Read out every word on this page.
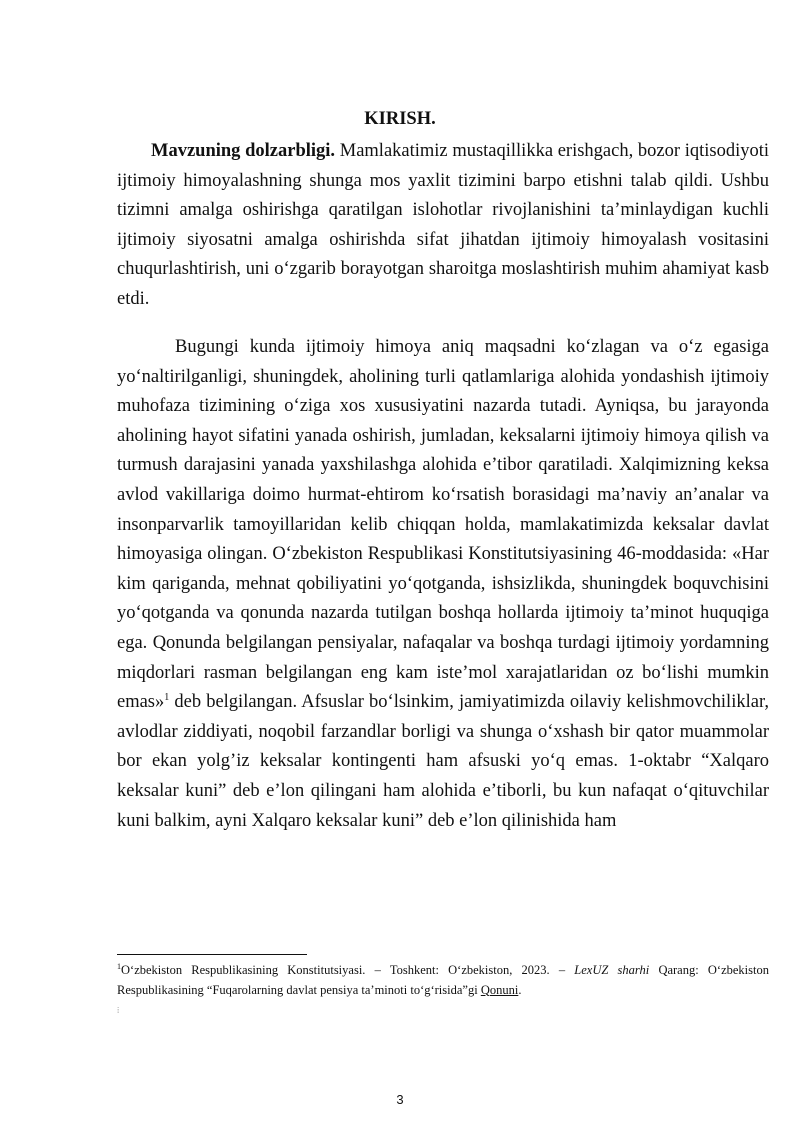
KIRISH.

Mavzuning dolzarbligi. Mamlakatimiz mustaqillikka erishgach, bozor iqtisodiyoti ijtimoiy himoyalashning shunga mos yaxlit tizimini barpo etishni talab qildi. Ushbu tizimni amalga oshirishga qaratilgan islohotlar rivojlanishini ta’minlaydigan kuchli ijtimoiy siyosatni amalga oshirishda sifat jihatdan ijtimoiy himoyalash vositasini chuqurlashtirish, uni o‘zgarib borayotgan sharoitga moslashtirish muhim ahamiyat kasb etdi.

Bugungi kunda ijtimoiy himoya aniq maqsadni ko‘zlagan va o‘z egasiga yo‘naltirilganligi, shuningdek, aholining turli qatlamlariga alohida yondashish ijtimoiy muhofaza tizimining o‘ziga xos xususiyatini nazarda tutadi. Ayniqsa, bu jarayonda aholining hayot sifatini yanada oshirish, jumladan, keksalarni ijtimoiy himoya qilish va turmush darajasini yanada yaxshilashga alohida e’tibor qaratiladi. Xalqimizning keksa avlod vakillariga doimo hurmat-ehtirom ko‘rsatish borasidagi ma’naviy an’analar va insonparvarlik tamoyillaridan kelib chiqqan holda, mamlakatimizda keksalar davlat himoyasiga olingan. O‘zbekiston Respublikasi Konstitutsiyasining 46-moddasida: «Har kim qariganda, mehnat qobiliyatini yo‘qotganda, ishsizlikda, shuningdek boquvchisini yo‘qotganda va qonunda nazarda tutilgan boshqa hollarda ijtimoiy ta’minot huquqiga ega. Qonunda belgilangan pensiyalar, nafaqalar va boshqa turdagi ijtimoiy yordamning miqdorlari rasman belgilangan eng kam iste’mol xarajatlaridan oz bo‘lishi mumkin emas»$^1$ deb belgilangan. Afsuslar bo‘lsinkim, jamiyatimizda oilaviy kelishmovchiliklar, avlodlar ziddiyati, noqobil farzandlar borligi va shunga o‘xshash bir qator muammolar bor ekan yolg’iz keksalar kontingenti ham afsuski yo‘q emas. 1-oktabr “Xalqaro keksalar kuni” deb e’lon qilingani ham alohida e’tiborli, bu kun nafaqat o‘qituvchilar kuni balkim, ayni Xalqaro keksalar kuni” deb e’lon qilinishida ham

$^1$O‘zbekiston Respublikasining Konstitutsiyasi. – Toshkent: O‘zbekiston, 2023. – LexUZ sharhi Qarang: O‘zbekiston Respublikasining “Fuqarolarning davlat pensiya ta’minoti to‘g‘risida”gi Qonuni.

⁞

3
